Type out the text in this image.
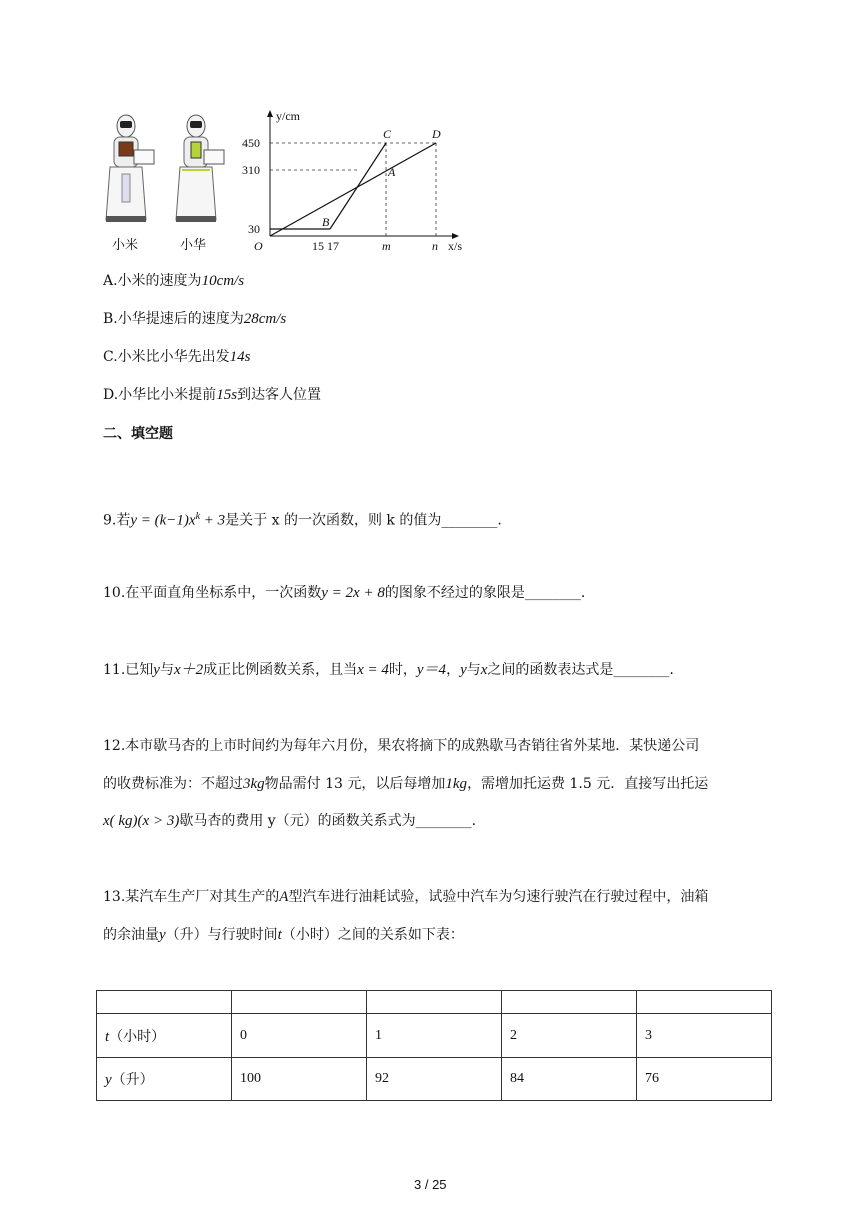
小米	小华
y/cm
x/s
O
450
310
30
15 17	m	n
B
A
C	D
A.小米的速度为10cm/s
B.小华提速后的速度为28cm/s
C.小米比小华先出发14s
D.小华比小米提前15s到达客人位置
二、填空题
9.若$y = (k-1)x^k + 3$是关于 x 的一次函数，则 k 的值为________.
10.在平面直角坐标系中，一次函数y = 2x + 8的图象不经过的象限是________.
11.已知y与x＋2成正比例函数关系，且当x = 4时，y＝4，y与x之间的函数表达式是________.
12.本市歇马杏的上市时间约为每年六月份，果农将摘下的成熟歇马杏销往省外某地．某快递公司
的收费标准为：不超过3kg物品需付 13 元，以后每增加1kg，需增加托运费 1.5 元．直接写出托运
x( kg)(x > 3)歇马杏的费用 y（元）的函数关系式为________.
13.某汽车生产厂对其生产的A型汽车进行油耗试验，试验中汽车为匀速行驶汽在行驶过程中，油箱
的余油量y（升）与行驶时间t（小时）之间的关系如下表：

t（小时）	0	1	2	3
y（升）	100	92	84	76
3 / 25
